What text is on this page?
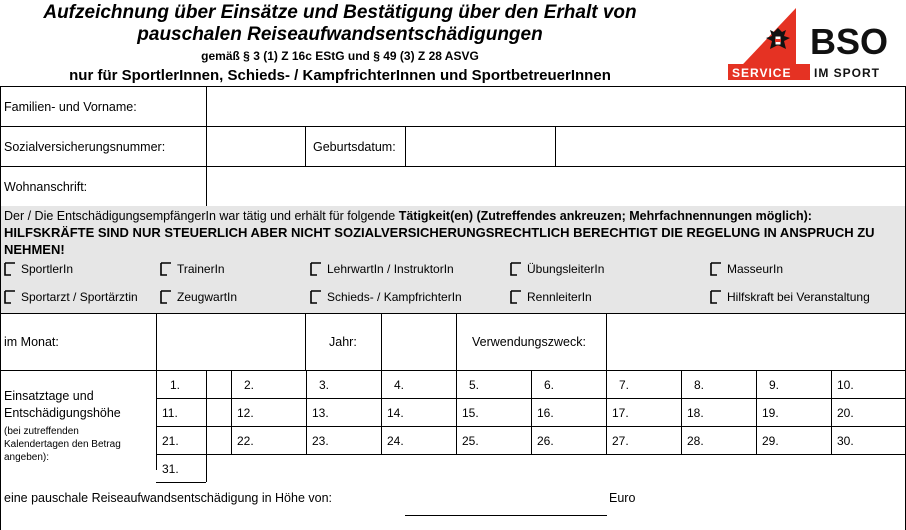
Aufzeichnung über Einsätze und Bestätigung über den Erhalt von
pauschalen Reiseaufwandsentschädigungen
gemäß § 3 (1) Z 16c EStG und § 49 (3) Z 28 ASVG
nur für SportlerInnen, Schieds- / KampfrichterInnen und SportbetreuerInnen
BSO
SERVICE IM SPORT
Familien- und Vorname:
Sozialversicherungsnummer:	Geburtsdatum:
Wohnanschrift:
Der / Die EntschädigungsempfängerIn war tätig und erhält für folgende Tätigkeit(en) (Zutreffendes ankreuzen; Mehrfachnennungen möglich):
HILFSKRÄFTE SIND NUR STEUERLICH ABER NICHT SOZIALVERSICHERUNGSRECHTLICH BERECHTIGT DIE REGELUNG IN ANSPRUCH ZU NEHMEN!
SportlerIn	TrainerIn	LehrwartIn / InstruktorIn	ÜbungsleiterIn	MasseurIn
Sportarzt / Sportärztin	ZeugwartIn	Schieds- / KampfrichterIn	RennleiterIn	Hilfskraft bei Veranstaltung
im Monat:	Jahr:	Verwendungszweck:
Einsatztage und
Entschädigungshöhe
(bei zutreffenden Kalendertagen den Betrag angeben):
1.	2.	3.	4.	5.	6.	7.	8.	9.	10.
11.	12.	13.	14.	15.	16.	17.	18.	19.	20.
21.	22.	23.	24.	25.	26.	27.	28.	29.	30.
31.
eine pauschale Reiseaufwandsentschädigung in Höhe von:	Euro
